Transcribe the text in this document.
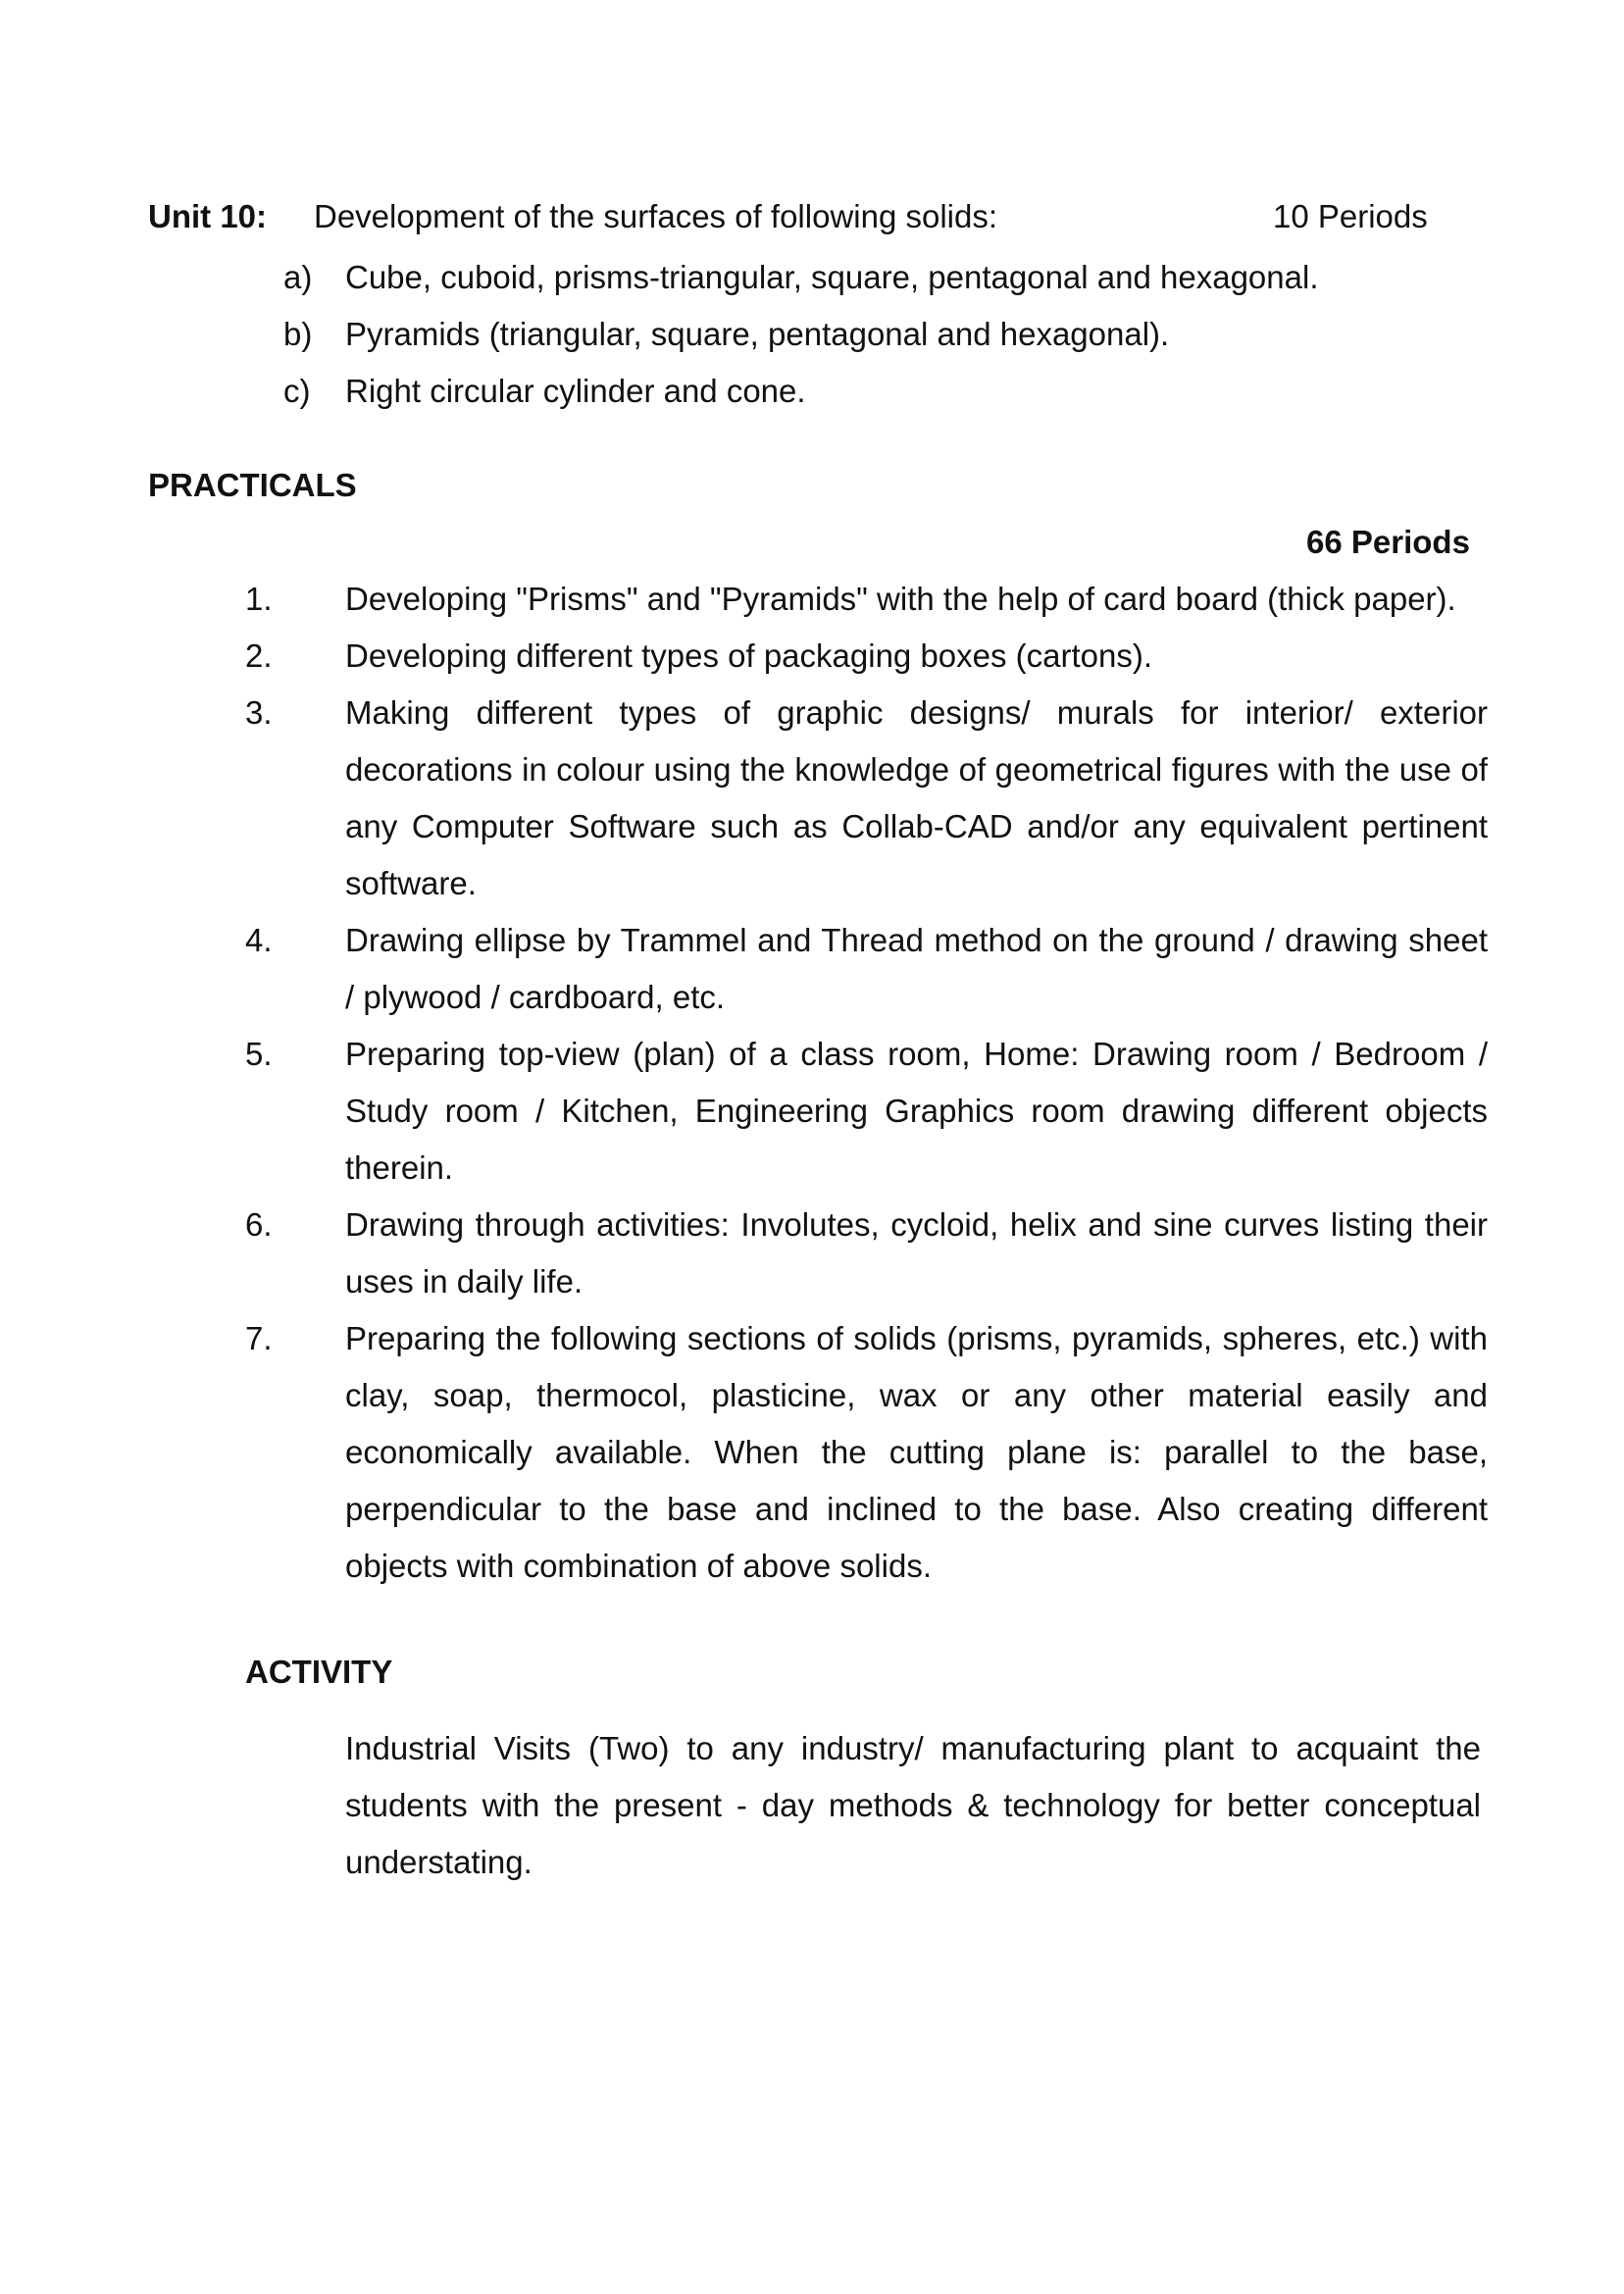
Unit 10: Development of the surfaces of following solids:	10 Periods
a) Cube, cuboid, prisms-triangular, square, pentagonal and hexagonal.
b) Pyramids (triangular, square, pentagonal and hexagonal).
c) Right circular cylinder and cone.
PRACTICALS
66 Periods
1. Developing "Prisms" and "Pyramids" with the help of card board (thick paper).
2. Developing different types of packaging boxes (cartons).
3. Making different types of graphic designs/ murals for interior/ exterior decorations in colour using the knowledge of geometrical figures with the use of any Computer Software such as Collab-CAD and/or any equivalent pertinent software.
4. Drawing ellipse by Trammel and Thread method on the ground / drawing sheet / plywood / cardboard, etc.
5. Preparing top-view (plan) of a class room, Home: Drawing room / Bedroom / Study room / Kitchen, Engineering Graphics room drawing different objects therein.
6. Drawing through activities: Involutes, cycloid, helix and sine curves listing their uses in daily life.
7. Preparing the following sections of solids (prisms, pyramids, spheres, etc.) with clay, soap, thermocol, plasticine, wax or any other material easily and economically available. When the cutting plane is: parallel to the base, perpendicular to the base and inclined to the base. Also creating different objects with combination of above solids.
ACTIVITY
Industrial Visits (Two) to any industry/ manufacturing plant to acquaint the students with the present - day methods & technology for better conceptual understating.
